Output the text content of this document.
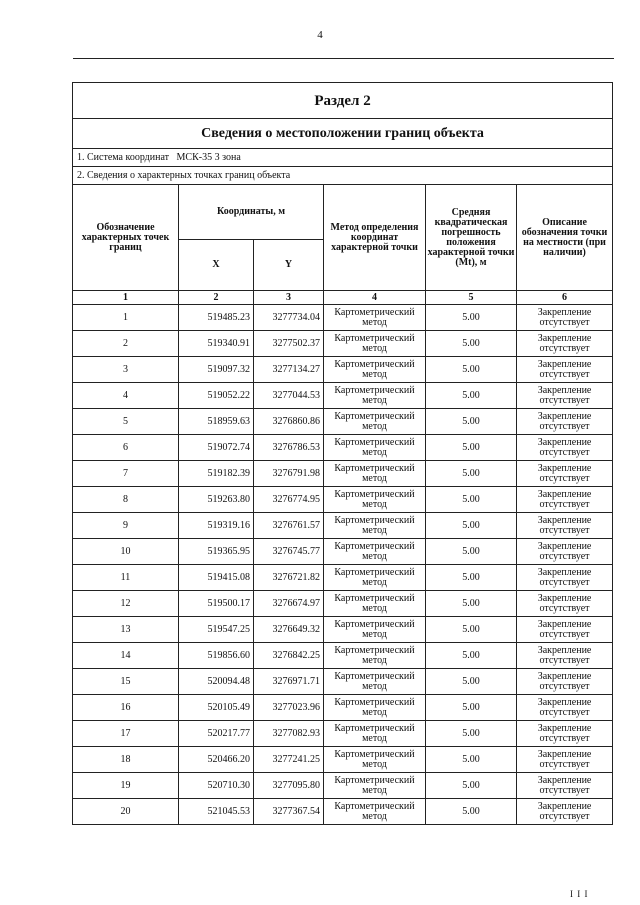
4
Раздел 2					
Сведения о местоположении границ объекта					
1. Система координат МСК-35 3 зона					
2. Сведения о характерных точках границ объекта					
Обозначение характерных точек границ	Координаты, м		Метод определения координат характерной точки	Средняя квадратическая погрешность положения характерной точки (Mt), м	Описание обозначения точки на местности (при наличии)
	X	Y			
1	2	3	4	5	6
1	519485.23	3277734.04	Картометрический метод	5.00	Закрепление отсутствует
2	519340.91	3277502.37	Картометрический метод	5.00	Закрепление отсутствует
3	519097.32	3277134.27	Картометрический метод	5.00	Закрепление отсутствует
4	519052.22	3277044.53	Картометрический метод	5.00	Закрепление отсутствует
5	518959.63	3276860.86	Картометрический метод	5.00	Закрепление отсутствует
6	519072.74	3276786.53	Картометрический метод	5.00	Закрепление отсутствует
7	519182.39	3276791.98	Картометрический метод	5.00	Закрепление отсутствует
8	519263.80	3276774.95	Картометрический метод	5.00	Закрепление отсутствует
9	519319.16	3276761.57	Картометрический метод	5.00	Закрепление отсутствует
10	519365.95	3276745.77	Картометрический метод	5.00	Закрепление отсутствует
11	519415.08	3276721.82	Картометрический метод	5.00	Закрепление отсутствует
12	519500.17	3276674.97	Картометрический метод	5.00	Закрепление отсутствует
13	519547.25	3276649.32	Картометрический метод	5.00	Закрепление отсутствует
14	519856.60	3276842.25	Картометрический метод	5.00	Закрепление отсутствует
15	520094.48	3276971.71	Картометрический метод	5.00	Закрепление отсутствует
16	520105.49	3277023.96	Картометрический метод	5.00	Закрепление отсутствует
17	520217.77	3277082.93	Картометрический метод	5.00	Закрепление отсутствует
18	520466.20	3277241.25	Картометрический метод	5.00	Закрепление отсутствует
19	520710.30	3277095.80	Картометрический метод	5.00	Закрепление отсутствует
20	521045.53	3277367.54	Картометрический метод	5.00	Закрепление отсутствует
I I I
